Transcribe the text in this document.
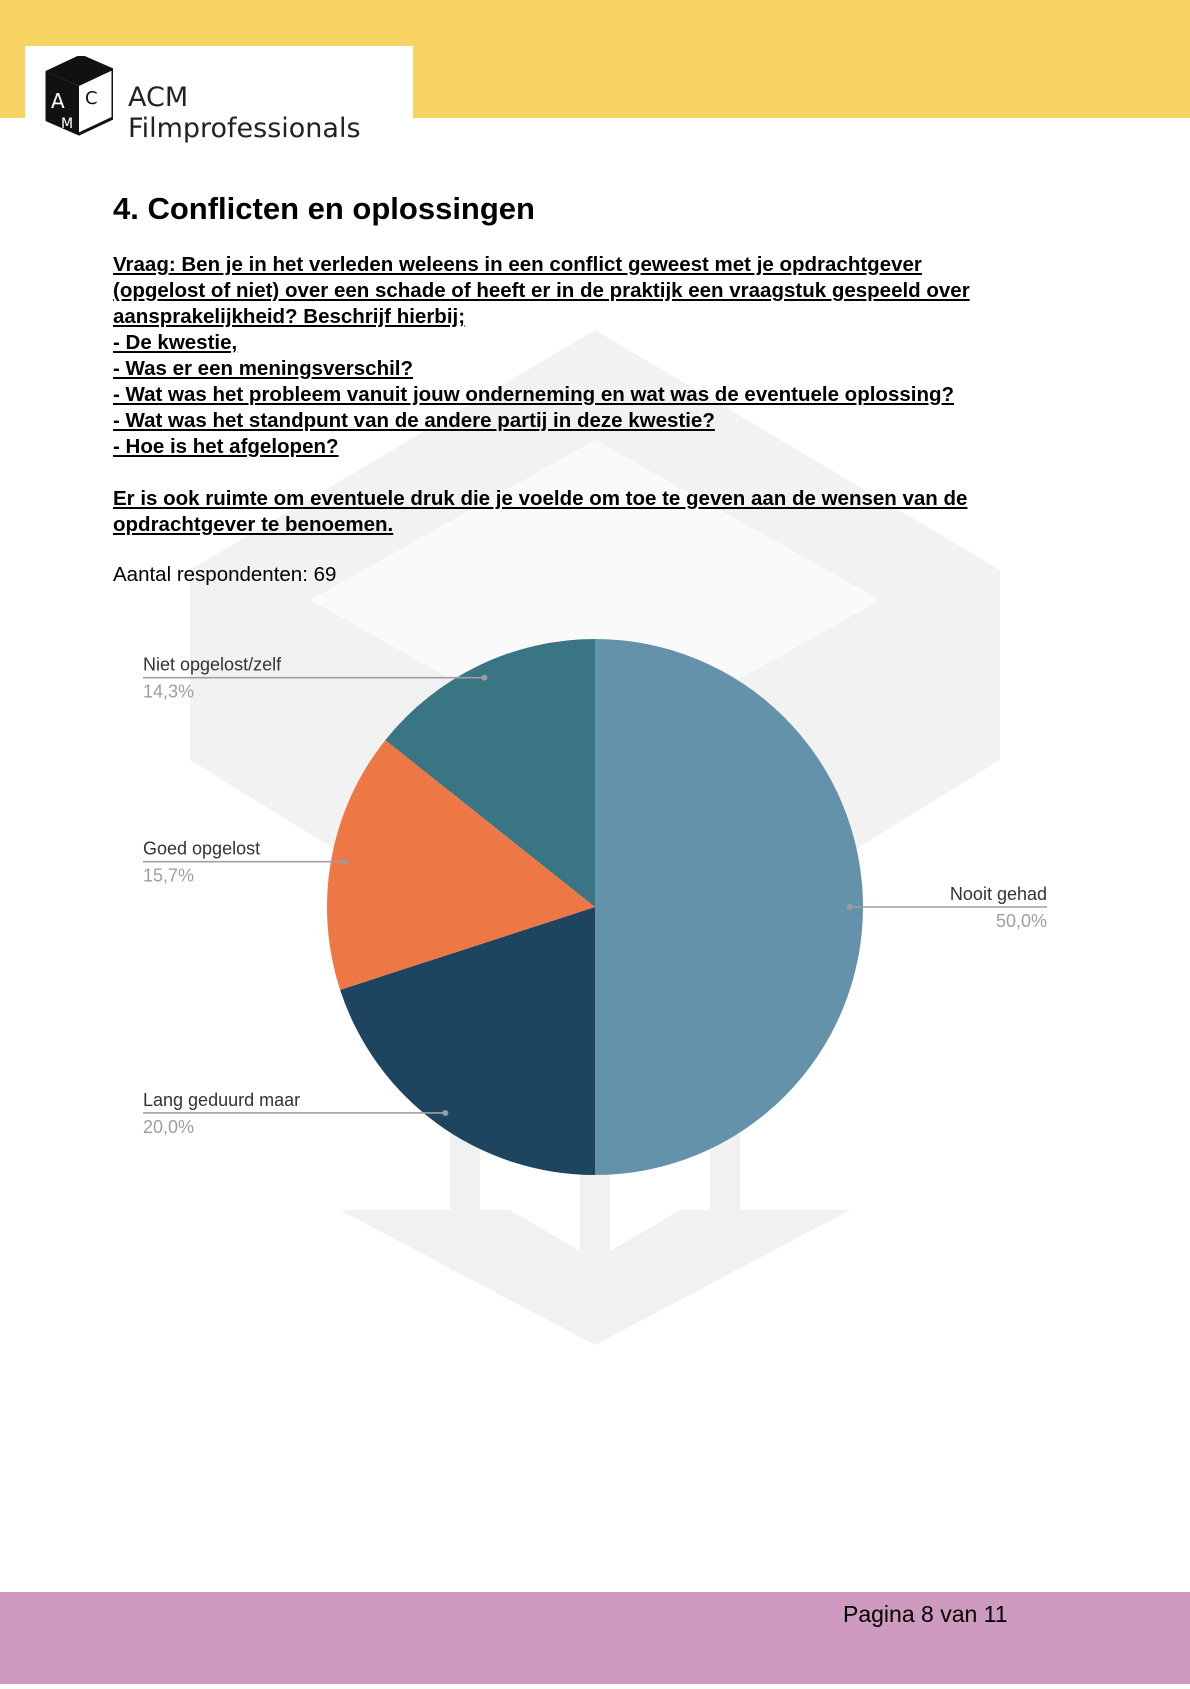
A C
M
ACM Filmprofessionals
4. Conflicten en oplossingen
Vraag: Ben je in het verleden weleens in een conflict geweest met je opdrachtgever
(opgelost of niet) over een schade of heeft er in de praktijk een vraagstuk gespeeld over
aansprakelijkheid? Beschrijf hierbij;
- De kwestie,
- Was er een meningsverschil?
- Wat was het probleem vanuit jouw onderneming en wat was de eventuele oplossing?
- Wat was het standpunt van de andere partij in deze kwestie?
- Hoe is het afgelopen?
Er is ook ruimte om eventuele druk die je voelde om toe te geven aan de wensen van de
opdrachtgever te benoemen.
Aantal respondenten: 69
Nooit gehad
50,0%
Lang geduurd maar
20,0%
Goed opgelost
15,7%
Niet opgelost/zelf
14,3%
Pagina 8 van 11
